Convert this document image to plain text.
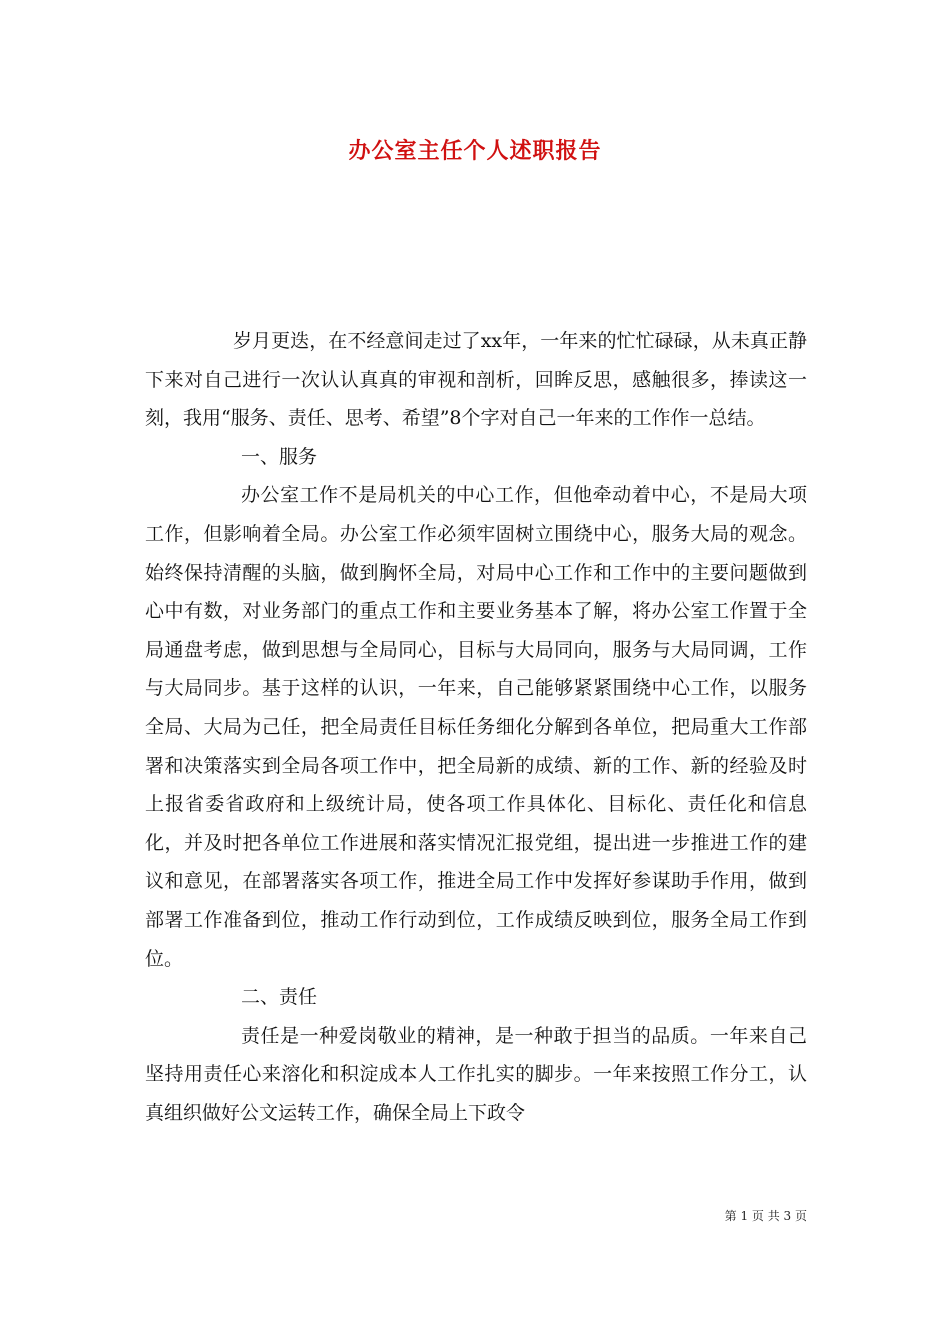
办公室主任个人述职报告

岁月更迭，在不经意间走过了xx年，一年来的忙忙碌碌，从未真正静下来对自己进行一次认认真真的审视和剖析，回眸反思，感触很多，捧读这一刻，我用“服务、责任、思考、希望”8个字对自己一年来的工作作一总结。

一、服务

办公室工作不是局机关的中心工作，但他牵动着中心，不是局大项工作，但影响着全局。办公室工作必须牢固树立围绕中心，服务大局的观念。始终保持清醒的头脑，做到胸怀全局，对局中心工作和工作中的主要问题做到心中有数，对业务部门的重点工作和主要业务基本了解，将办公室工作置于全局通盘考虑，做到思想与全局同心，目标与大局同向，服务与大局同调，工作与大局同步。基于这样的认识，一年来，自己能够紧紧围绕中心工作，以服务全局、大局为己任，把全局责任目标任务细化分解到各单位，把局重大工作部署和决策落实到全局各项工作中，把全局新的成绩、新的工作、新的经验及时上报省委省政府和上级统计局，使各项工作具体化、目标化、责任化和信息化，并及时把各单位工作进展和落实情况汇报党组，提出进一步推进工作的建议和意见，在部署落实各项工作，推进全局工作中发挥好参谋助手作用，做到部署工作准备到位，推动工作行动到位，工作成绩反映到位，服务全局工作到位。

二、责任

责任是一种爱岗敬业的精神，是一种敢于担当的品质。一年来自己坚持用责任心来溶化和积淀成本人工作扎实的脚步。一年来按照工作分工，认真组织做好公文运转工作，确保全局上下政令

第 1 页 共 3 页
